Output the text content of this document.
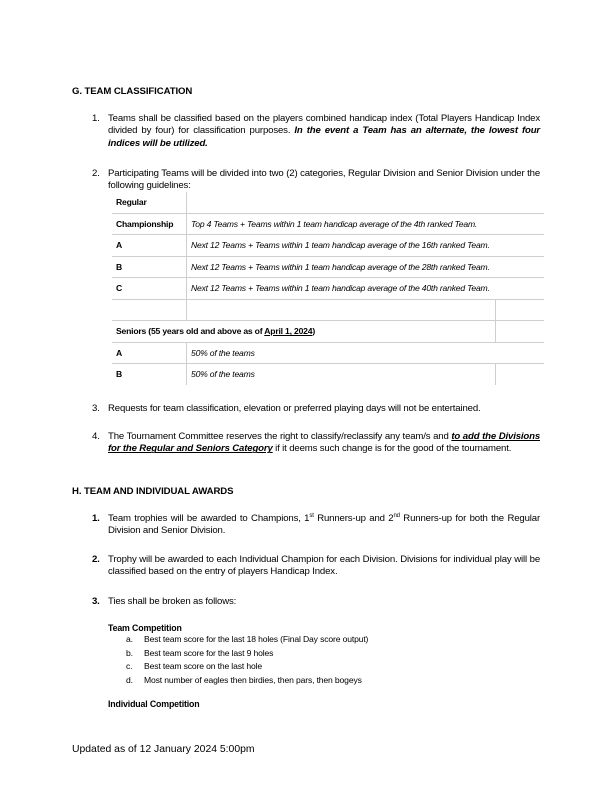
G. TEAM CLASSIFICATION
1. Teams shall be classified based on the players combined handicap index (Total Players Handicap Index divided by four) for classification purposes. In the event a Team has an alternate, the lowest four indices will be utilized.
2. Participating Teams will be divided into two (2) categories, Regular Division and Senior Division under the following guidelines:
Regular		
Championship	Top 4 Teams + Teams within 1 team handicap average of the 4th ranked Team.	
A	Next 12 Teams + Teams within 1 team handicap average of the 16th ranked Team.	
B	Next 12 Teams + Teams within 1 team handicap average of the 28th ranked Team.	
C	Next 12 Teams + Teams within 1 team handicap average of the 40th ranked Team.	

Seniors (55 years old and above as of April 1, 2024)		
A	50% of the teams	
B	50% of the teams	
3. Requests for team classification, elevation or preferred playing days will not be entertained.
4. The Tournament Committee reserves the right to classify/reclassify any team/s and to add the Divisions for the Regular and Seniors Category if it deems such change is for the good of the tournament.
H. TEAM AND INDIVIDUAL AWARDS
1. Team trophies will be awarded to Champions, 1st Runners-up and 2nd Runners-up for both the Regular Division and Senior Division.
2. Trophy will be awarded to each Individual Champion for each Division. Divisions for individual play will be classified based on the entry of players Handicap Index.
3. Ties shall be broken as follows:
Team Competition
a. Best team score for the last 18 holes (Final Day score output)
b. Best team score for the last 9 holes
c. Best team score on the last hole
d. Most number of eagles then birdies, then pars, then bogeys
Individual Competition
Updated as of 12 January 2024 5:00pm
